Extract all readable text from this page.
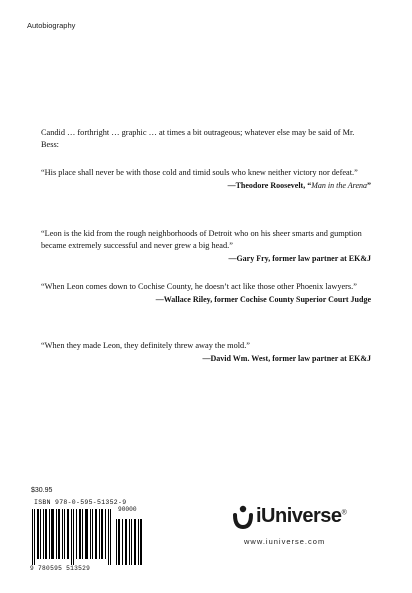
Autobiography
Candid … forthright … graphic … at times a bit outrageous; whatever else may be said of Mr. Bess:
“His place shall never be with those cold and timid souls who knew neither victory nor defeat.”
—Theodore Roosevelt, “Man in the Arena”
“Leon is the kid from the rough neighborhoods of Detroit who on his sheer smarts and gumption became extremely successful and never grew a big head.”
—Gary Fry, former law partner at EK&J
“When Leon comes down to Cochise County, he doesn’t act like those other Phoenix lawyers.”
—Wallace Riley, former Cochise County Superior Court Judge
“When they made Leon, they definitely threw away the mold.”
—David Wm. West, former law partner at EK&J
$30.95
ISBN 978-0-595-51352-9
90000
9 780595 513529
iUniverse®
www.iuniverse.com
